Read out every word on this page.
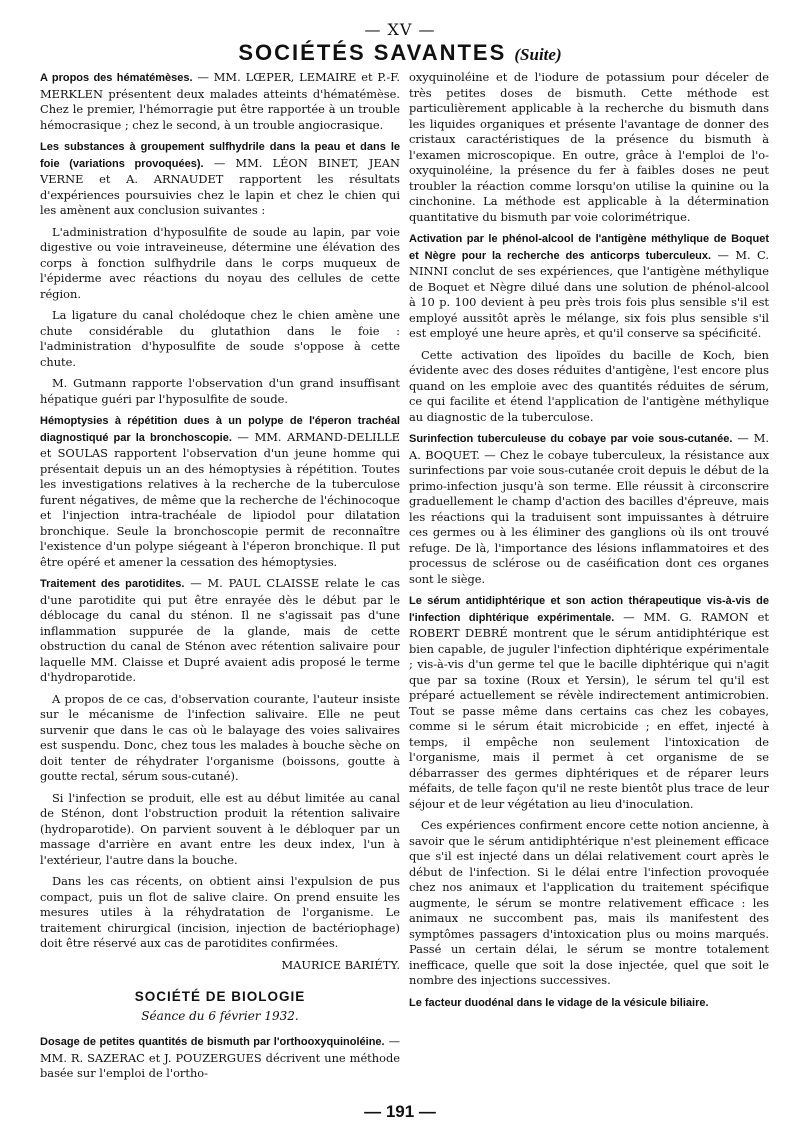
— XV —
SOCIÉTÉS SAVANTES (Suite)

A propos des hématémèses. — MM. LŒPER, LEMAIRE et P.-F. MERKLEN présentent deux malades atteints d'hématémèse. Chez le premier, l'hémorragie put être rapportée à un trouble hémocrasique ; chez le second, à un trouble angiocrasique.

Les substances à groupement sulfhydrile dans la peau et dans le foie (variations provoquées). — MM. LÉON BINET, JEAN VERNE et A. ARNAUDET rapportent les résultats d'expériences poursuivies chez le lapin et chez le chien qui les amènent aux conclusion suivantes :

L'administration d'hyposulfite de soude au lapin, par voie digestive ou voie intraveineuse, détermine une élévation des corps à fonction sulfhydrile dans le corps muqueux de l'épiderme avec réactions du noyau des cellules de cette région.

La ligature du canal cholédoque chez le chien amène une chute considérable du glutathion dans le foie : l'administration d'hyposulfite de soude s'oppose à cette chute.

M. Gutmann rapporte l'observation d'un grand insuffisant hépatique guéri par l'hyposulfite de soude.

Hémoptysies à répétition dues à un polype de l'éperon trachéal diagnostiqué par la bronchoscopie. — MM. ARMAND-DELILLE et SOULAS rapportent l'observation d'un jeune homme qui présentait depuis un an des hémoptysies à répétition. Toutes les investigations relatives à la recherche de la tuberculose furent négatives, de même que la recherche de l'échinocoque et l'injection intra-trachéale de lipiodol pour dilatation bronchique. Seule la bronchoscopie permit de reconnaître l'existence d'un polype siégeant à l'éperon bronchique. Il put être opéré et amener la cessation des hémoptysies.

Traitement des parotidites. — M. PAUL CLAISSE relate le cas d'une parotidite qui put être enrayée dès le début par le déblocage du canal du sténon. Il ne s'agissait pas d'une inflammation suppurée de la glande, mais de cette obstruction du canal de Sténon avec rétention salivaire pour laquelle MM. Claisse et Dupré avaient adis proposé le terme d'hydroparotide.

A propos de ce cas, d'observation courante, l'auteur insiste sur le mécanisme de l'infection salivaire. Elle ne peut survenir que dans le cas où le balayage des voies salivaires est suspendu. Donc, chez tous les malades à bouche sèche on doit tenter de réhydrater l'organisme (boissons, goutte à goutte rectal, sérum sous-cutané).

Si l'infection se produit, elle est au début limitée au canal de Sténon, dont l'obstruction produit la rétention salivaire (hydroparotide). On parvient souvent à le débloquer par un massage d'arrière en avant entre les deux index, l'un à l'extérieur, l'autre dans la bouche.

Dans les cas récents, on obtient ainsi l'expulsion de pus compact, puis un flot de salive claire. On prend ensuite les mesures utiles à la réhydratation de l'organisme. Le traitement chirurgical (incision, injection de bactériophage) doit être réservé aux cas de parotidites confirmées.

MAURICE BARIÉTY.
SOCIÉTÉ DE BIOLOGIE
Séance du 6 février 1932.

Dosage de petites quantités de bismuth par l'orthooxyquinoléine. — MM. R. SAZERAC et J. POUZERGUES décrivent une méthode basée sur l'emploi de l'ortho-

oxyquinoléine et de l'iodure de potassium pour déceler de très petites doses de bismuth. Cette méthode est particulièrement applicable à la recherche du bismuth dans les liquides organiques et présente l'avantage de donner des cristaux caractéristiques de la présence du bismuth à l'examen microscopique. En outre, grâce à l'emploi de l'o-oxyquinoléine, la présence du fer à faibles doses ne peut troubler la réaction comme lorsqu'on utilise la quinine ou la cinchonine. La méthode est applicable à la détermination quantitative du bismuth par voie colorimétrique.

Activation par le phénol-alcool de l'antigène méthylique de Boquet et Nègre pour la recherche des anticorps tuberculeux. — M. C. NINNI conclut de ses expériences, que l'antigène méthylique de Boquet et Nègre dilué dans une solution de phénol-alcool à 10 p. 100 devient à peu près trois fois plus sensible s'il est employé aussitôt après le mélange, six fois plus sensible s'il est employé une heure après, et qu'il conserve sa spécificité.

Cette activation des lipoïdes du bacille de Koch, bien évidente avec des doses réduites d'antigène, l'est encore plus quand on les emploie avec des quantités réduites de sérum, ce qui facilite et étend l'application de l'antigène méthylique au diagnostic de la tuberculose.

Surinfection tuberculeuse du cobaye par voie sous-cutanée. — M. A. BOQUET. — Chez le cobaye tuberculeux, la résistance aux surinfections par voie sous-cutanée croit depuis le début de la primo-infection jusqu'à son terme. Elle réussit à circonscrire graduellement le champ d'action des bacilles d'épreuve, mais les réactions qui la traduisent sont impuissantes à détruire ces germes ou à les éliminer des ganglions où ils ont trouvé refuge. De là, l'importance des lésions inflammatoires et des processus de sclérose ou de caséification dont ces organes sont le siège.

Le sérum antidiphtérique et son action thérapeutique vis-à-vis de l'infection diphtérique expérimentale. — MM. G. RAMON et ROBERT DEBRÉ montrent que le sérum antidiphtérique est bien capable, de juguler l'infection diphtérique expérimentale ; vis-à-vis d'un germe tel que le bacille diphtérique qui n'agit que par sa toxine (Roux et Yersin), le sérum tel qu'il est préparé actuellement se révèle indirectement antimicrobien. Tout se passe même dans certains cas chez les cobayes, comme si le sérum était microbicide ; en effet, injecté à temps, il empêche non seulement l'intoxication de l'organisme, mais il permet à cet organisme de se débarrasser des germes diphtériques et de réparer leurs méfaits, de telle façon qu'il ne reste bientôt plus trace de leur séjour et de leur végétation au lieu d'inoculation.

Ces expériences confirment encore cette notion ancienne, à savoir que le sérum antidiphtérique n'est pleinement efficace que s'il est injecté dans un délai relativement court après le début de l'infection. Si le délai entre l'infection provoquée chez nos animaux et l'application du traitement spécifique augmente, le sérum se montre relativement efficace : les animaux ne succombent pas, mais ils manifestent des symptômes passagers d'intoxication plus ou moins marqués. Passé un certain délai, le sérum se montre totalement inefficace, quelle que soit la dose injectée, quel que soit le nombre des injections successives.

Le facteur duodénal dans le vidage de la vésicule biliaire.

— 191 —
